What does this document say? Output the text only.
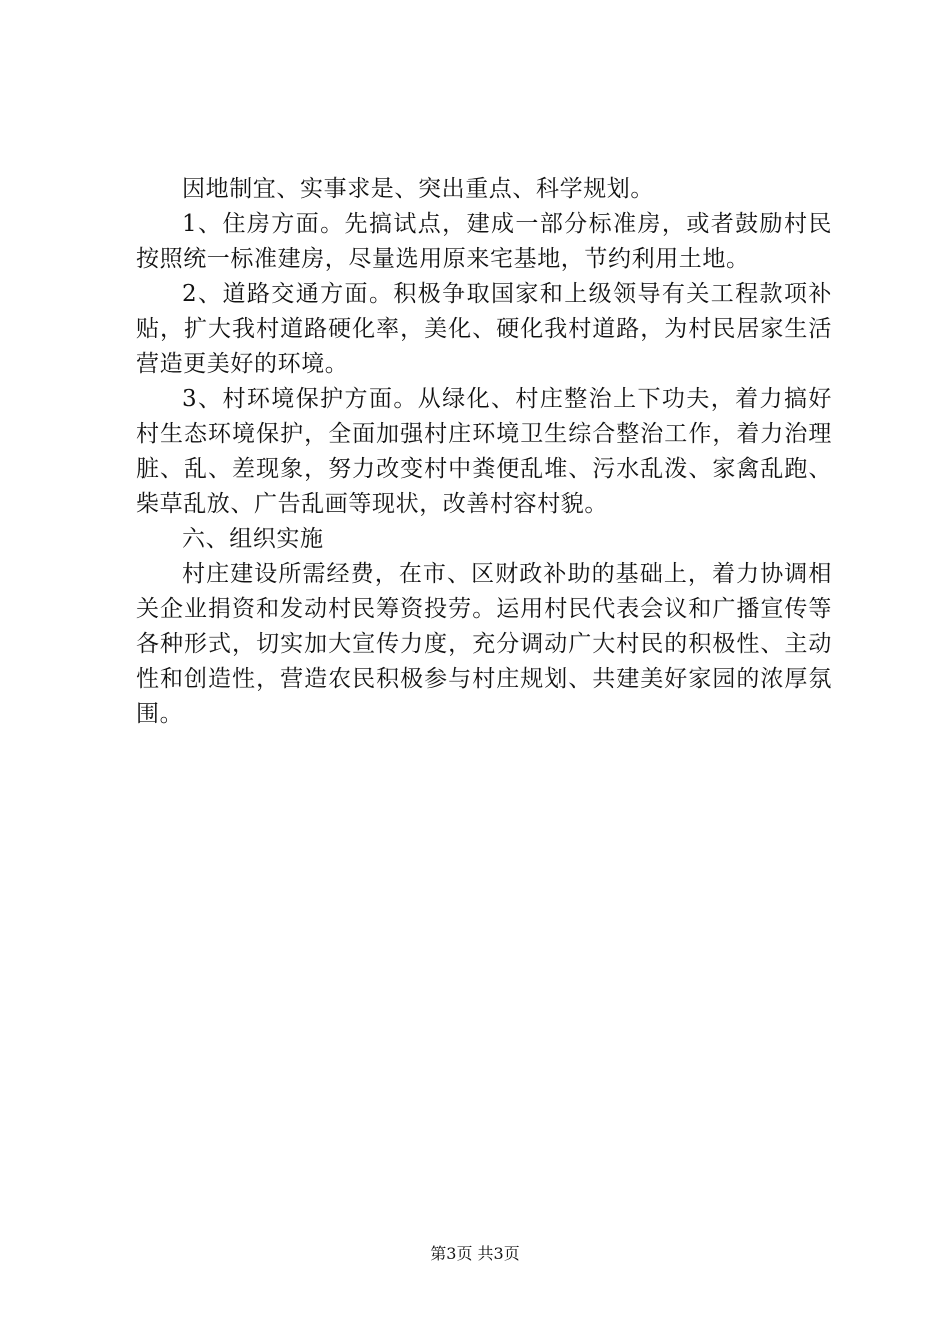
因地制宜、实事求是、突出重点、科学规划。

1、住房方面。先搞试点，建成一部分标准房，或者鼓励村民按照统一标准建房，尽量选用原来宅基地，节约利用土地。

2、道路交通方面。积极争取国家和上级领导有关工程款项补贴，扩大我村道路硬化率，美化、硬化我村道路，为村民居家生活营造更美好的环境。

3、村环境保护方面。从绿化、村庄整治上下功夫，着力搞好村生态环境保护，全面加强村庄环境卫生综合整治工作，着力治理脏、乱、差现象，努力改变村中粪便乱堆、污水乱泼、家禽乱跑、柴草乱放、广告乱画等现状，改善村容村貌。

六、组织实施

村庄建设所需经费，在市、区财政补助的基础上，着力协调相关企业捐资和发动村民筹资投劳。运用村民代表会议和广播宣传等各种形式，切实加大宣传力度，充分调动广大村民的积极性、主动性和创造性，营造农民积极参与村庄规划、共建美好家园的浓厚氛围。

第3页 共3页
